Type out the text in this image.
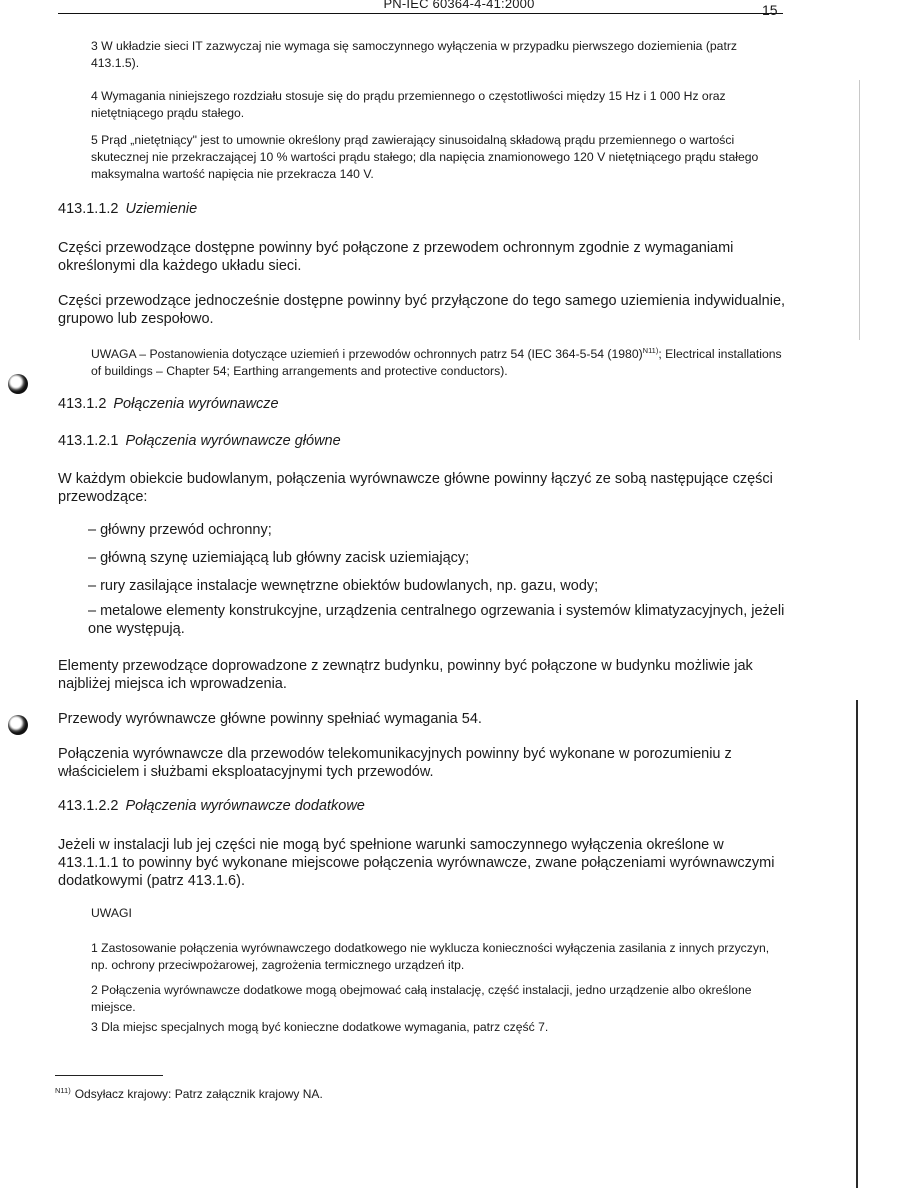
PN-IEC 60364-4-41:2000	15

3 W układzie sieci IT zazwyczaj nie wymaga się samoczynnego wyłączenia w przypadku pierwszego doziemienia (patrz 413.1.5).

4 Wymagania niniejszego rozdziału stosuje się do prądu przemiennego o częstotliwości między 15 Hz i 1 000 Hz oraz nietętniącego prądu stałego.

5 Prąd „nietętniący" jest to umownie określony prąd zawierający sinusoidalną składową prądu przemiennego o wartości skutecznej nie przekraczającej 10 % wartości prądu stałego; dla napięcia znamionowego 120 V nietętniącego prądu stałego maksymalna wartość napięcia nie przekracza 140 V.

413.1.1.2 Uziemienie

Części przewodzące dostępne powinny być połączone z przewodem ochronnym zgodnie z wymaganiami określonymi dla każdego układu sieci.

Części przewodzące jednocześnie dostępne powinny być przyłączone do tego samego uziemienia indywidualnie, grupowo lub zespołowo.

UWAGA – Postanowienia dotyczące uziemień i przewodów ochronnych patrz 54 (IEC 364-5-54 $(1980)^{N11)}$; Electrical installations of buildings – Chapter 54; Earthing arrangements and protective conductors).

413.1.2 Połączenia wyrównawcze
413.1.2.1 Połączenia wyrównawcze główne

W każdym obiekcie budowlanym, połączenia wyrównawcze główne powinny łączyć ze sobą następujące części przewodzące:

– główny przewód ochronny;

– główną szynę uziemiającą lub główny zacisk uziemiający;

– rury zasilające instalacje wewnętrzne obiektów budowlanych, np. gazu, wody;

– metalowe elementy konstrukcyjne, urządzenia centralnego ogrzewania i systemów klimatyzacyjnych, jeżeli one występują.

Elementy przewodzące doprowadzone z zewnątrz budynku, powinny być połączone w budynku możliwie jak najbliżej miejsca ich wprowadzenia.

Przewody wyrównawcze główne powinny spełniać wymagania 54.

Połączenia wyrównawcze dla przewodów telekomunikacyjnych powinny być wykonane w porozumieniu z właścicielem i służbami eksploatacyjnymi tych przewodów.

413.1.2.2 Połączenia wyrównawcze dodatkowe

Jeżeli w instalacji lub jej części nie mogą być spełnione warunki samoczynnego wyłączenia określone w 413.1.1.1 to powinny być wykonane miejscowe połączenia wyrównawcze, zwane połączeniami wyrównawczymi dodatkowymi (patrz 413.1.6).

UWAGI

1 Zastosowanie połączenia wyrównawczego dodatkowego nie wyklucza konieczności wyłączenia zasilania z innych przyczyn, np. ochrony przeciwpożarowej, zagrożenia termicznego urządzeń itp.

2 Połączenia wyrównawcze dodatkowe mogą obejmować całą instalację, część instalacji, jedno urządzenie albo określone miejsce.

3 Dla miejsc specjalnych mogą być konieczne dodatkowe wymagania, patrz część 7.

$^{N11)}$ Odsyłacz krajowy: Patrz załącznik krajowy NA.
